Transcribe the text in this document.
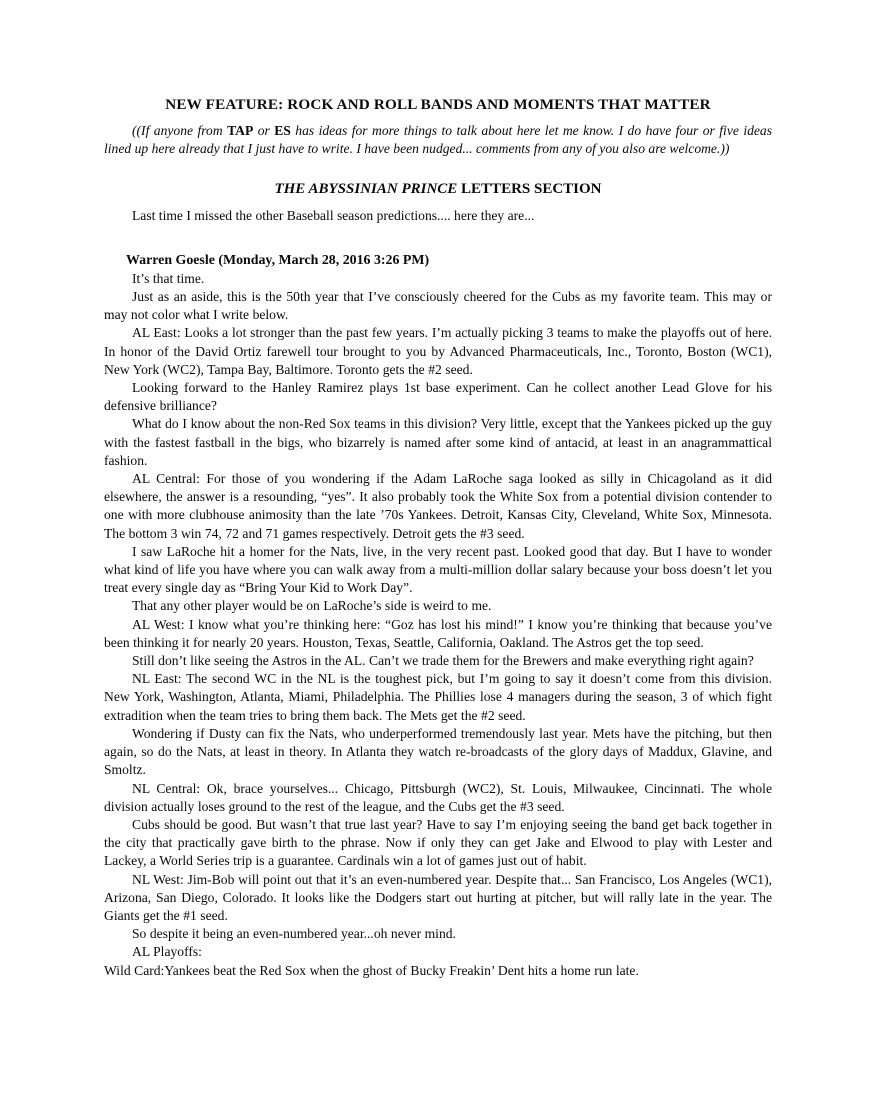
NEW FEATURE: ROCK AND ROLL BANDS AND MOMENTS THAT MATTER

((If anyone from TAP or ES has ideas for more things to talk about here let me know. I do have four or five ideas lined up here already that I just have to write. I have been nudged... comments from any of you also are welcome.))

THE ABYSSINIAN PRINCE LETTERS SECTION

Last time I missed the other Baseball season predictions.... here they are...

Warren Goesle (Monday, March 28, 2016 3:26 PM)

It’s that time.

Just as an aside, this is the 50th year that I’ve consciously cheered for the Cubs as my favorite team. This may or may not color what I write below.

AL East: Looks a lot stronger than the past few years. I’m actually picking 3 teams to make the playoffs out of here. In honor of the David Ortiz farewell tour brought to you by Advanced Pharmaceuticals, Inc., Toronto, Boston (WC1), New York (WC2), Tampa Bay, Baltimore. Toronto gets the #2 seed.

Looking forward to the Hanley Ramirez plays 1st base experiment. Can he collect another Lead Glove for his defensive brilliance?

What do I know about the non-Red Sox teams in this division? Very little, except that the Yankees picked up the guy with the fastest fastball in the bigs, who bizarrely is named after some kind of antacid, at least in an anagrammattical fashion.

AL Central: For those of you wondering if the Adam LaRoche saga looked as silly in Chicagoland as it did elsewhere, the answer is a resounding, “yes”. It also probably took the White Sox from a potential division contender to one with more clubhouse animosity than the late ’70s Yankees. Detroit, Kansas City, Cleveland, White Sox, Minnesota. The bottom 3 win 74, 72 and 71 games respectively. Detroit gets the #3 seed.

I saw LaRoche hit a homer for the Nats, live, in the very recent past. Looked good that day. But I have to wonder what kind of life you have where you can walk away from a multi-million dollar salary because your boss doesn’t let you treat every single day as “Bring Your Kid to Work Day”.

That any other player would be on LaRoche’s side is weird to me.

AL West: I know what you’re thinking here: “Goz has lost his mind!” I know you’re thinking that because you’ve been thinking it for nearly 20 years. Houston, Texas, Seattle, California, Oakland. The Astros get the top seed.

Still don’t like seeing the Astros in the AL. Can’t we trade them for the Brewers and make everything right again?

NL East: The second WC in the NL is the toughest pick, but I’m going to say it doesn’t come from this division. New York, Washington, Atlanta, Miami, Philadelphia. The Phillies lose 4 managers during the season, 3 of which fight extradition when the team tries to bring them back. The Mets get the #2 seed.

Wondering if Dusty can fix the Nats, who underperformed tremendously last year. Mets have the pitching, but then again, so do the Nats, at least in theory. In Atlanta they watch re-broadcasts of the glory days of Maddux, Glavine, and Smoltz.

NL Central: Ok, brace yourselves... Chicago, Pittsburgh (WC2), St. Louis, Milwaukee, Cincinnati. The whole division actually loses ground to the rest of the league, and the Cubs get the #3 seed.

Cubs should be good. But wasn’t that true last year? Have to say I’m enjoying seeing the band get back together in the city that practically gave birth to the phrase. Now if only they can get Jake and Elwood to play with Lester and Lackey, a World Series trip is a guarantee. Cardinals win a lot of games just out of habit.

NL West: Jim-Bob will point out that it’s an even-numbered year. Despite that... San Francisco, Los Angeles (WC1), Arizona, San Diego, Colorado. It looks like the Dodgers start out hurting at pitcher, but will rally late in the year. The Giants get the #1 seed.

So despite it being an even-numbered year...oh never mind.

AL Playoffs:

Wild Card:Yankees beat the Red Sox when the ghost of Bucky Freakin’ Dent hits a home run late.
